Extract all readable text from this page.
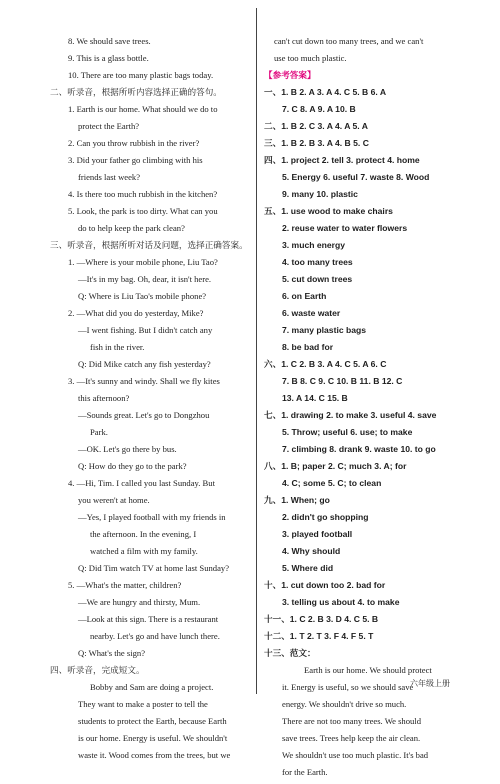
8. We should save trees.
9. This is a glass bottle.
10. There are too many plastic bags today.
二、听录音，根据所听内容选择正确的答句。
1. Earth is our home. What should we do to
protect the Earth?
2. Can you throw rubbish in the river?
3. Did your father go climbing with his
friends last week?
4. Is there too much rubbish in the kitchen?
5. Look, the park is too dirty. What can you
do to help keep the park clean?
三、听录音，根据所听对话及问题，选择正确答案。
1. —Where is your mobile phone, Liu Tao?
—It's in my bag. Oh, dear, it isn't here.
Q: Where is Liu Tao's mobile phone?
2. —What did you do yesterday, Mike?
—I went fishing. But I didn't catch any
fish in the river.
Q: Did Mike catch any fish yesterday?
3. —It's sunny and windy. Shall we fly kites
this afternoon?
—Sounds great. Let's go to Dongzhou
Park.
—OK. Let's go there by bus.
Q: How do they go to the park?
4. —Hi, Tim. I called you last Sunday. But
you weren't at home.
—Yes, I played football with my friends in
the afternoon. In the evening, I
watched a film with my family.
Q: Did Tim watch TV at home last Sunday?
5. —What's the matter, children?
—We are hungry and thirsty, Mum.
—Look at this sign. There is a restaurant
nearby. Let's go and have lunch there.
Q: What's the sign?
四、听录音，完成短文。
Bobby and Sam are doing a project.
They want to make a poster to tell the
students to protect the Earth, because Earth
is our home. Energy is useful. We shouldn't
waste it. Wood comes from the trees, but we
can't cut down too many trees, and we can't
use too much plastic.
【参考答案】
一、1. B 2. A 3. A 4. C 5. B 6. A
7. C 8. A 9. A 10. B
二、1. B 2. C 3. A 4. A 5. A
三、1. B 2. B 3. A 4. B 5. C
四、1. project 2. tell 3. protect 4. home
5. Energy 6. useful 7. waste 8. Wood
9. many 10. plastic
五、1. use wood to make chairs
2. reuse water to water flowers
3. much energy
4. too many trees
5. cut down trees
6. on Earth
6. waste water
7. many plastic bags
8. be bad for
六、1. C 2. B 3. A 4. C 5. A 6. C
7. B 8. C 9. C 10. B 11. B 12. C
13. A 14. C 15. B
七、1. drawing 2. to make 3. useful 4. save
5. Throw; useful 6. use; to make
7. climbing 8. drank 9. waste 10. to go
八、1. B; paper 2. C; much 3. A; for
4. C; some 5. C; to clean
九、1. When; go
2. didn't go shopping
3. played football
4. Why should
5. Where did
十、1. cut down too 2. bad for
3. telling us about 4. to make
十一、1. C 2. B 3. D 4. C 5. B
十二、1. T 2. T 3. F 4. F 5. T
十三、范文：
Earth is our home. We should protect
it. Energy is useful, so we should save
energy. We shouldn't drive so much.
There are not too many trees. We should
save trees. Trees help keep the air clean.
We shouldn't use too much plastic. It's bad
for the Earth.
六年级上册
